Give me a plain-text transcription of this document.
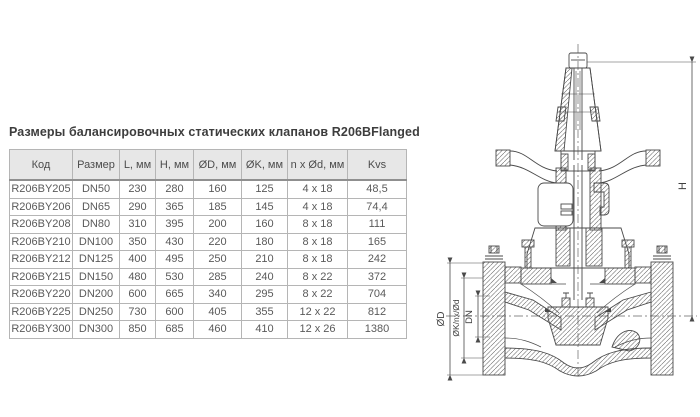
Размеры балансировочных статических клапанов R206BFlanged
Код	Размер	L, мм	H, мм	ØD, мм	ØK, мм	n x Ød, мм	Kvs
R206BY205	DN50	230	280	160	125	4 x 18	48,5
R206BY206	DN65	290	365	185	145	4 x 18	74,4
R206BY208	DN80	310	395	200	160	8 x 18	111
R206BY210	DN100	350	430	220	180	8 x 18	165
R206BY212	DN125	400	495	250	210	8 x 18	242
R206BY215	DN150	480	530	285	240	8 x 22	372
R206BY220	DN200	600	665	340	295	8 x 22	704
R206BY225	DN250	730	600	405	355	12 x 22	812
R206BY300	DN300	850	685	460	410	12 x 26	1380
ØD ØK/nx/Ød DN
H
